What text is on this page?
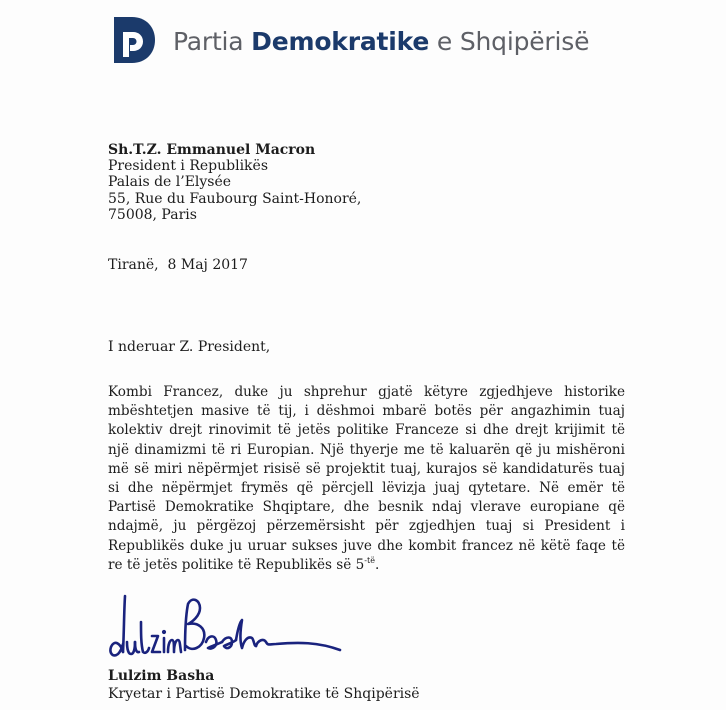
Partia Demokratike e Shqipërisë
Sh.T.Z. Emmanuel Macron
President i Republikës
Palais de l’Elysée
55, Rue du Faubourg Saint-Honoré,
75008, Paris
Tiranë,  8 Maj 2017
I nderuar Z. President,

Kombi Francez, duke ju shprehur gjatë këtyre zgjedhjeve historike mbështetjen masive të tij, i dëshmoi mbarë botës për angazhimin tuaj kolektiv drejt rinovimit të jetës politike Franceze si dhe drejt krijimit të një dinamizmi të ri Europian. Një thyerje me të kaluarën që ju mishëroni më së miri nëpërmjet risisë së projektit tuaj, kurajos së kandidaturës tuaj si dhe nëpërmjet frymës që përcjell lëvizja juaj qytetare. Në emër të Partisë Demokratike Shqiptare, dhe besnik ndaj vlerave europiane që ndajmë, ju përgëzoj përzemërsisht për zgjedhjen tuaj si President i Republikës duke ju uruar sukses juve dhe kombit francez në këtë faqe të re të jetës politike të Republikës së $5^{-të}$.

Lulzim Basha
Kryetar i Partisë Demokratike të Shqipërisë
